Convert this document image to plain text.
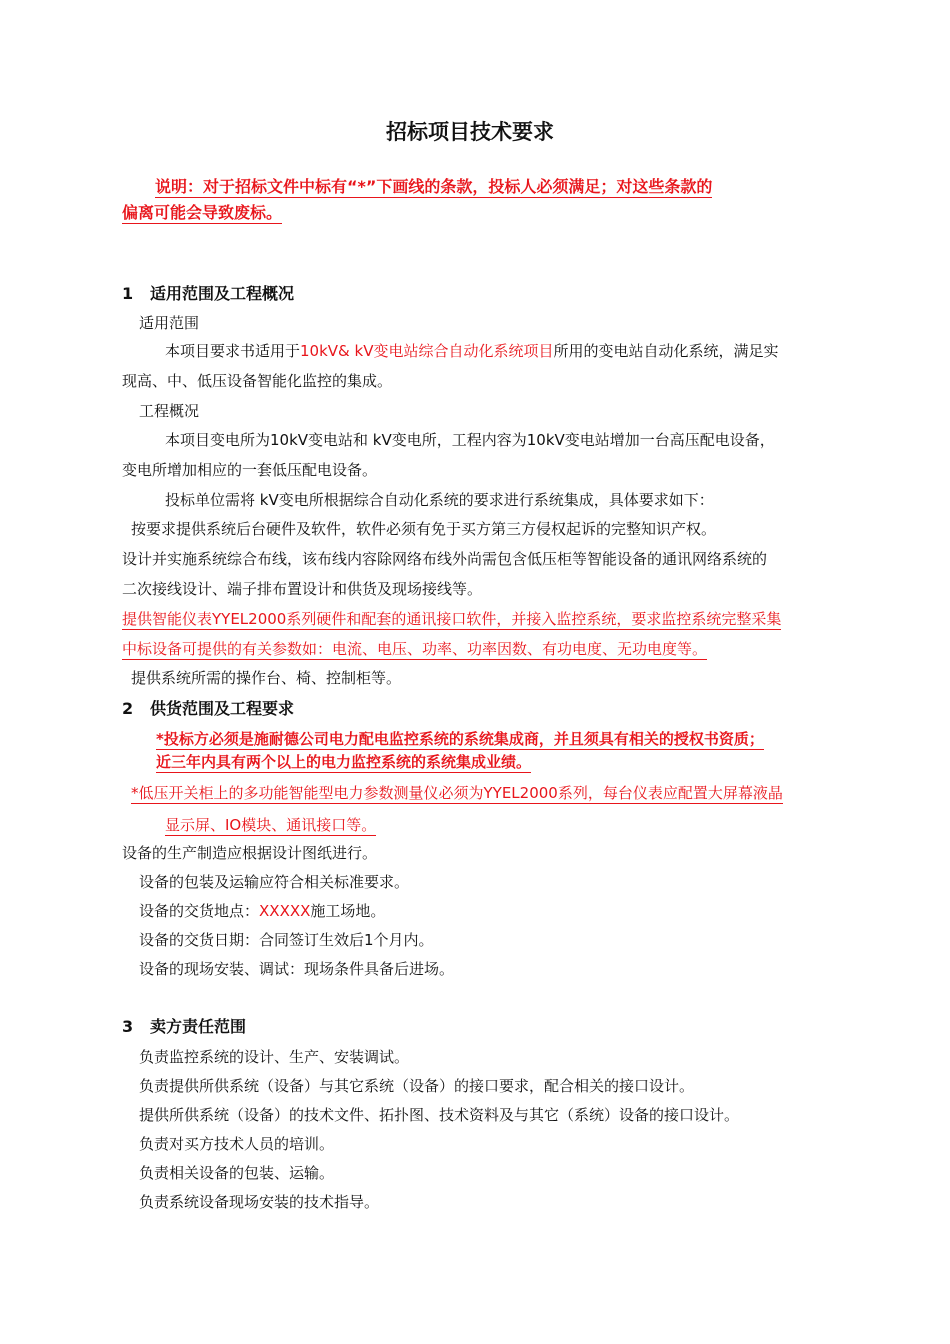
招标项目技术要求
说明：对于招标文件中标有“*”下画线的条款，投标人必须满足；对这些条款的
偏离可能会导致废标。
1 适用范围及工程概况
适用范围
本项目要求书适用于10kV& kV变电站综合自动化系统项目所用的变电站自动化系统，满足实
现高、中、低压设备智能化监控的集成。
工程概况
本项目变电所为10kV变电站和 kV变电所，工程内容为10kV变电站增加一台高压配电设备，
变电所增加相应的一套低压配电设备。
投标单位需将 kV变电所根据综合自动化系统的要求进行系统集成，具体要求如下：
按要求提供系统后台硬件及软件，软件必须有免于买方第三方侵权起诉的完整知识产权。
设计并实施系统综合布线，该布线内容除网络布线外尚需包含低压柜等智能设备的通讯网络系统的
二次接线设计、端子排布置设计和供货及现场接线等。
提供智能仪表YYEL2000系列硬件和配套的通讯接口软件，并接入监控系统，要求监控系统完整采集
中标设备可提供的有关参数如：电流、电压、功率、功率因数、有功电度、无功电度等。
提供系统所需的操作台、椅、控制柜等。
2 供货范围及工程要求
*投标方必须是施耐德公司电力配电监控系统的系统集成商，并且须具有相关的授权书资质；
近三年内具有两个以上的电力监控系统的系统集成业绩。
*低压开关柜上的多功能智能型电力参数测量仪必须为YYEL2000系列，每台仪表应配置大屏幕液晶
显示屏、IO模块、通讯接口等。
设备的生产制造应根据设计图纸进行。
设备的包装及运输应符合相关标准要求。
设备的交货地点：XXXXX施工场地。
设备的交货日期：合同签订生效后1个月内。
设备的现场安装、调试：现场条件具备后进场。
3 卖方责任范围
负责监控系统的设计、生产、安装调试。
负责提供所供系统（设备）与其它系统（设备）的接口要求，配合相关的接口设计。
提供所供系统（设备）的技术文件、拓扑图、技术资料及与其它（系统）设备的接口设计。
负责对买方技术人员的培训。
负责相关设备的包装、运输。
负责系统设备现场安装的技术指导。
